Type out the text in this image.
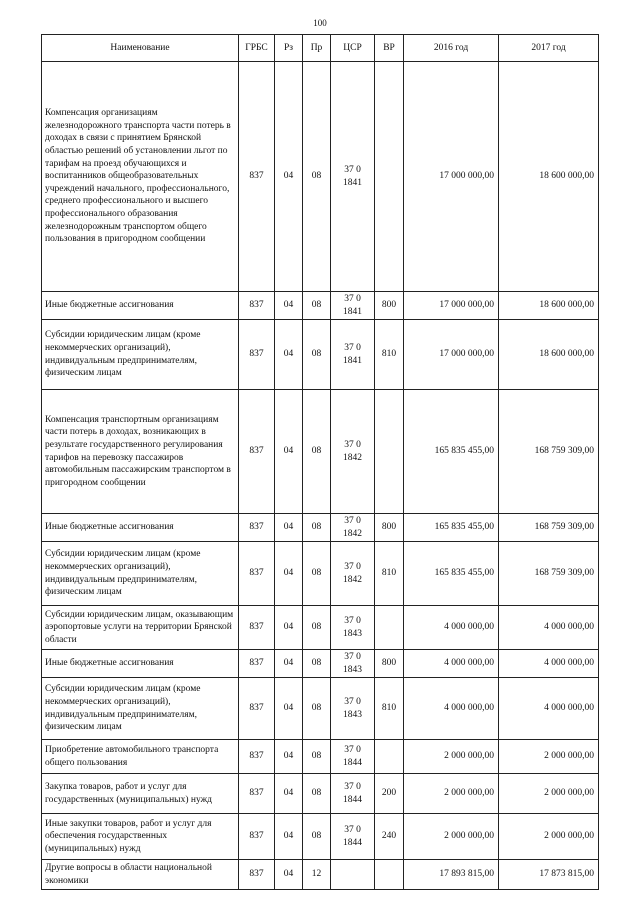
100
Наименование	ГРБС	Рз	Пр	ЦСР	ВР	2016 год	2017 год
Компенсация организациям железнодорожного транспорта части потерь в доходах в связи с принятием Брянской областью решений об установлении льгот по тарифам на проезд обучающихся и воспитанников общеобразовательных учреждений начального, профессионального, среднего профессионального и высшего профессионального образования железнодорожным транспортом общего пользования в пригородном сообщении	837	04	08	37 0 1841		17 000 000,00	18 600 000,00
Иные бюджетные ассигнования	837	04	08	37 0 1841	800	17 000 000,00	18 600 000,00
Субсидии юридическим лицам (кроме некоммерческих организаций), индивидуальным предпринимателям, физическим лицам	837	04	08	37 0 1841	810	17 000 000,00	18 600 000,00
Компенсация транспортным организациям части потерь в доходах, возникающих в результате государственного регулирования тарифов на перевозку пассажиров автомобильным пассажирским транспортом в пригородном сообщении	837	04	08	37 0 1842		165 835 455,00	168 759 309,00
Иные бюджетные ассигнования	837	04	08	37 0 1842	800	165 835 455,00	168 759 309,00
Субсидии юридическим лицам (кроме некоммерческих организаций), индивидуальным предпринимателям, физическим лицам	837	04	08	37 0 1842	810	165 835 455,00	168 759 309,00
Субсидии юридическим лицам, оказывающим аэропортовые услуги на территории Брянской области	837	04	08	37 0 1843		4 000 000,00	4 000 000,00
Иные бюджетные ассигнования	837	04	08	37 0 1843	800	4 000 000,00	4 000 000,00
Субсидии юридическим лицам (кроме некоммерческих организаций), индивидуальным предпринимателям, физическим лицам	837	04	08	37 0 1843	810	4 000 000,00	4 000 000,00
Приобретение автомобильного транспорта общего пользования	837	04	08	37 0 1844		2 000 000,00	2 000 000,00
Закупка товаров, работ и услуг для государственных (муниципальных) нужд	837	04	08	37 0 1844	200	2 000 000,00	2 000 000,00
Иные закупки товаров, работ и услуг для обеспечения государственных (муниципальных) нужд	837	04	08	37 0 1844	240	2 000 000,00	2 000 000,00
Другие вопросы в области национальной экономики	837	04	12			17 893 815,00	17 873 815,00
